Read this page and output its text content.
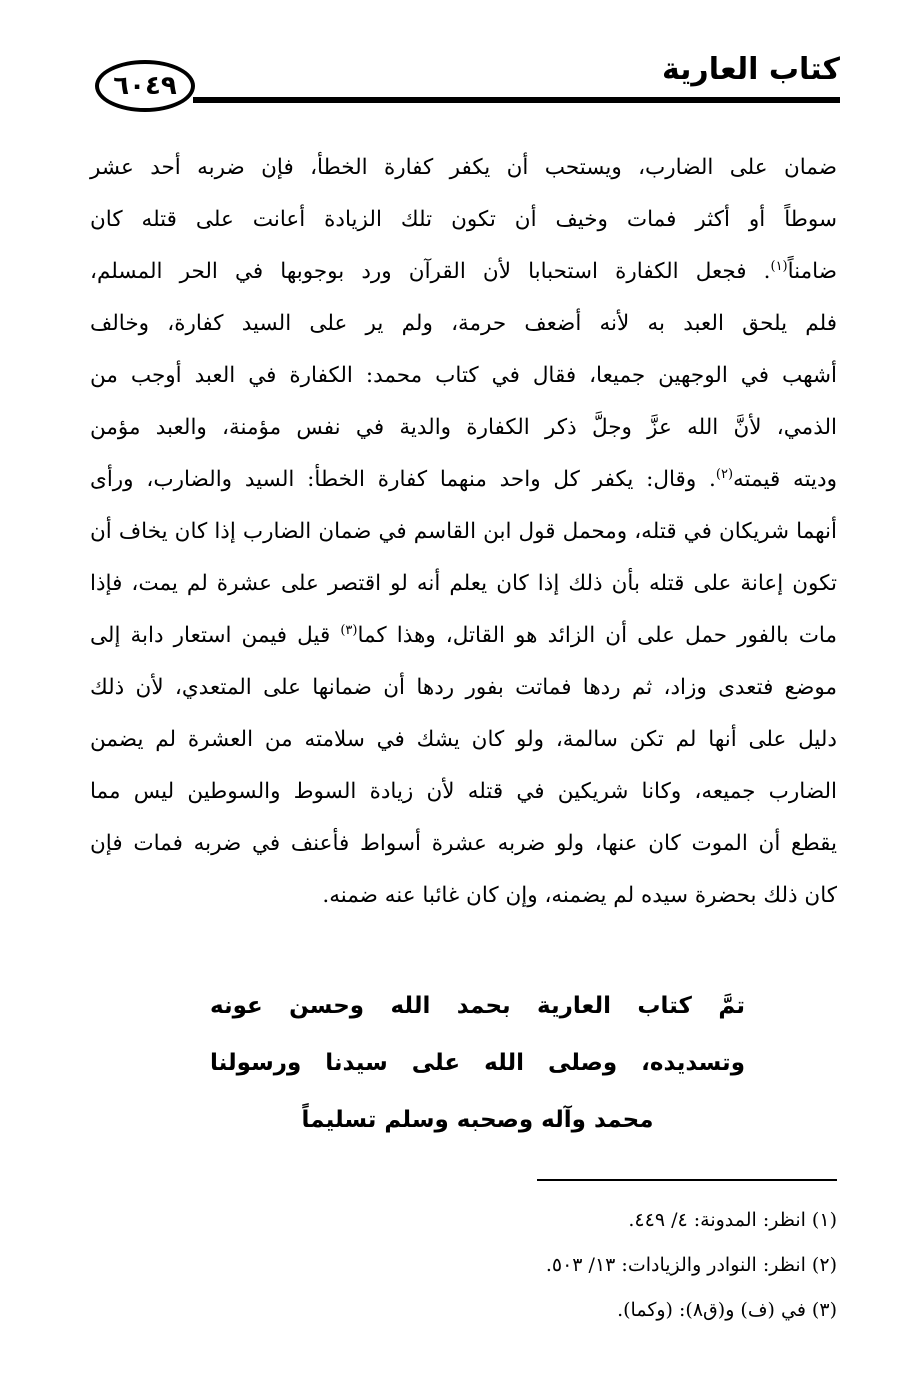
٦٠٤٩	كتاب العارية
ضمان على الضارب، ويستحب أن يكفر كفارة الخطأ، فإن ضربه أحد عشر
سوطاً أو أكثر فمات وخيف أن تكون تلك الزيادة أعانت على قتله كان
ضامناً$^{(١)}$. فجعل الكفارة استحبابا لأن القرآن ورد بوجوبها في الحر المسلم،
فلم يلحق العبد به لأنه أضعف حرمة، ولم ير على السيد كفارة، وخالف
أشهب في الوجهين جميعا، فقال في كتاب محمد: الكفارة في العبد أوجب من
الذمي، لأنَّ الله عزَّ وجلَّ ذكر الكفارة والدية في نفس مؤمنة، والعبد مؤمن
وديته قيمته$^{(٢)}$. وقال: يكفر كل واحد منهما كفارة الخطأ: السيد والضارب، ورأى
أنهما شريكان في قتله، ومحمل قول ابن القاسم في ضمان الضارب إذا كان يخاف أن
تكون إعانة على قتله بأن ذلك إذا كان يعلم أنه لو اقتصر على عشرة لم يمت، فإذا
مات بالفور حمل على أن الزائد هو القاتل، وهذا كما$^{(٣)}$ قيل فيمن استعار دابة إلى
موضع فتعدى وزاد، ثم ردها فماتت بفور ردها أن ضمانها على المتعدي، لأن ذلك
دليل على أنها لم تكن سالمة، ولو كان يشك في سلامته من العشرة لم يضمن
الضارب جميعه، وكانا شريكين في قتله لأن زيادة السوط والسوطين ليس مما
يقطع أن الموت كان عنها، ولو ضربه عشرة أسواط فأعنف في ضربه فمات فإن
كان ذلك بحضرة سيده لم يضمنه، وإن كان غائبا عنه ضمنه.
تمَّ كتاب العارية بحمد الله وحسن عونه
وتسديده، وصلى الله على سيدنا ورسولنا
محمد وآله وصحبه وسلم تسليماً
(١) انظر: المدونة: ٤/ ٤٤٩.
(٢) انظر: النوادر والزيادات: ١٣/ ٥٠٣.
(٣) في (ف) و(ق٨): (وكما).
